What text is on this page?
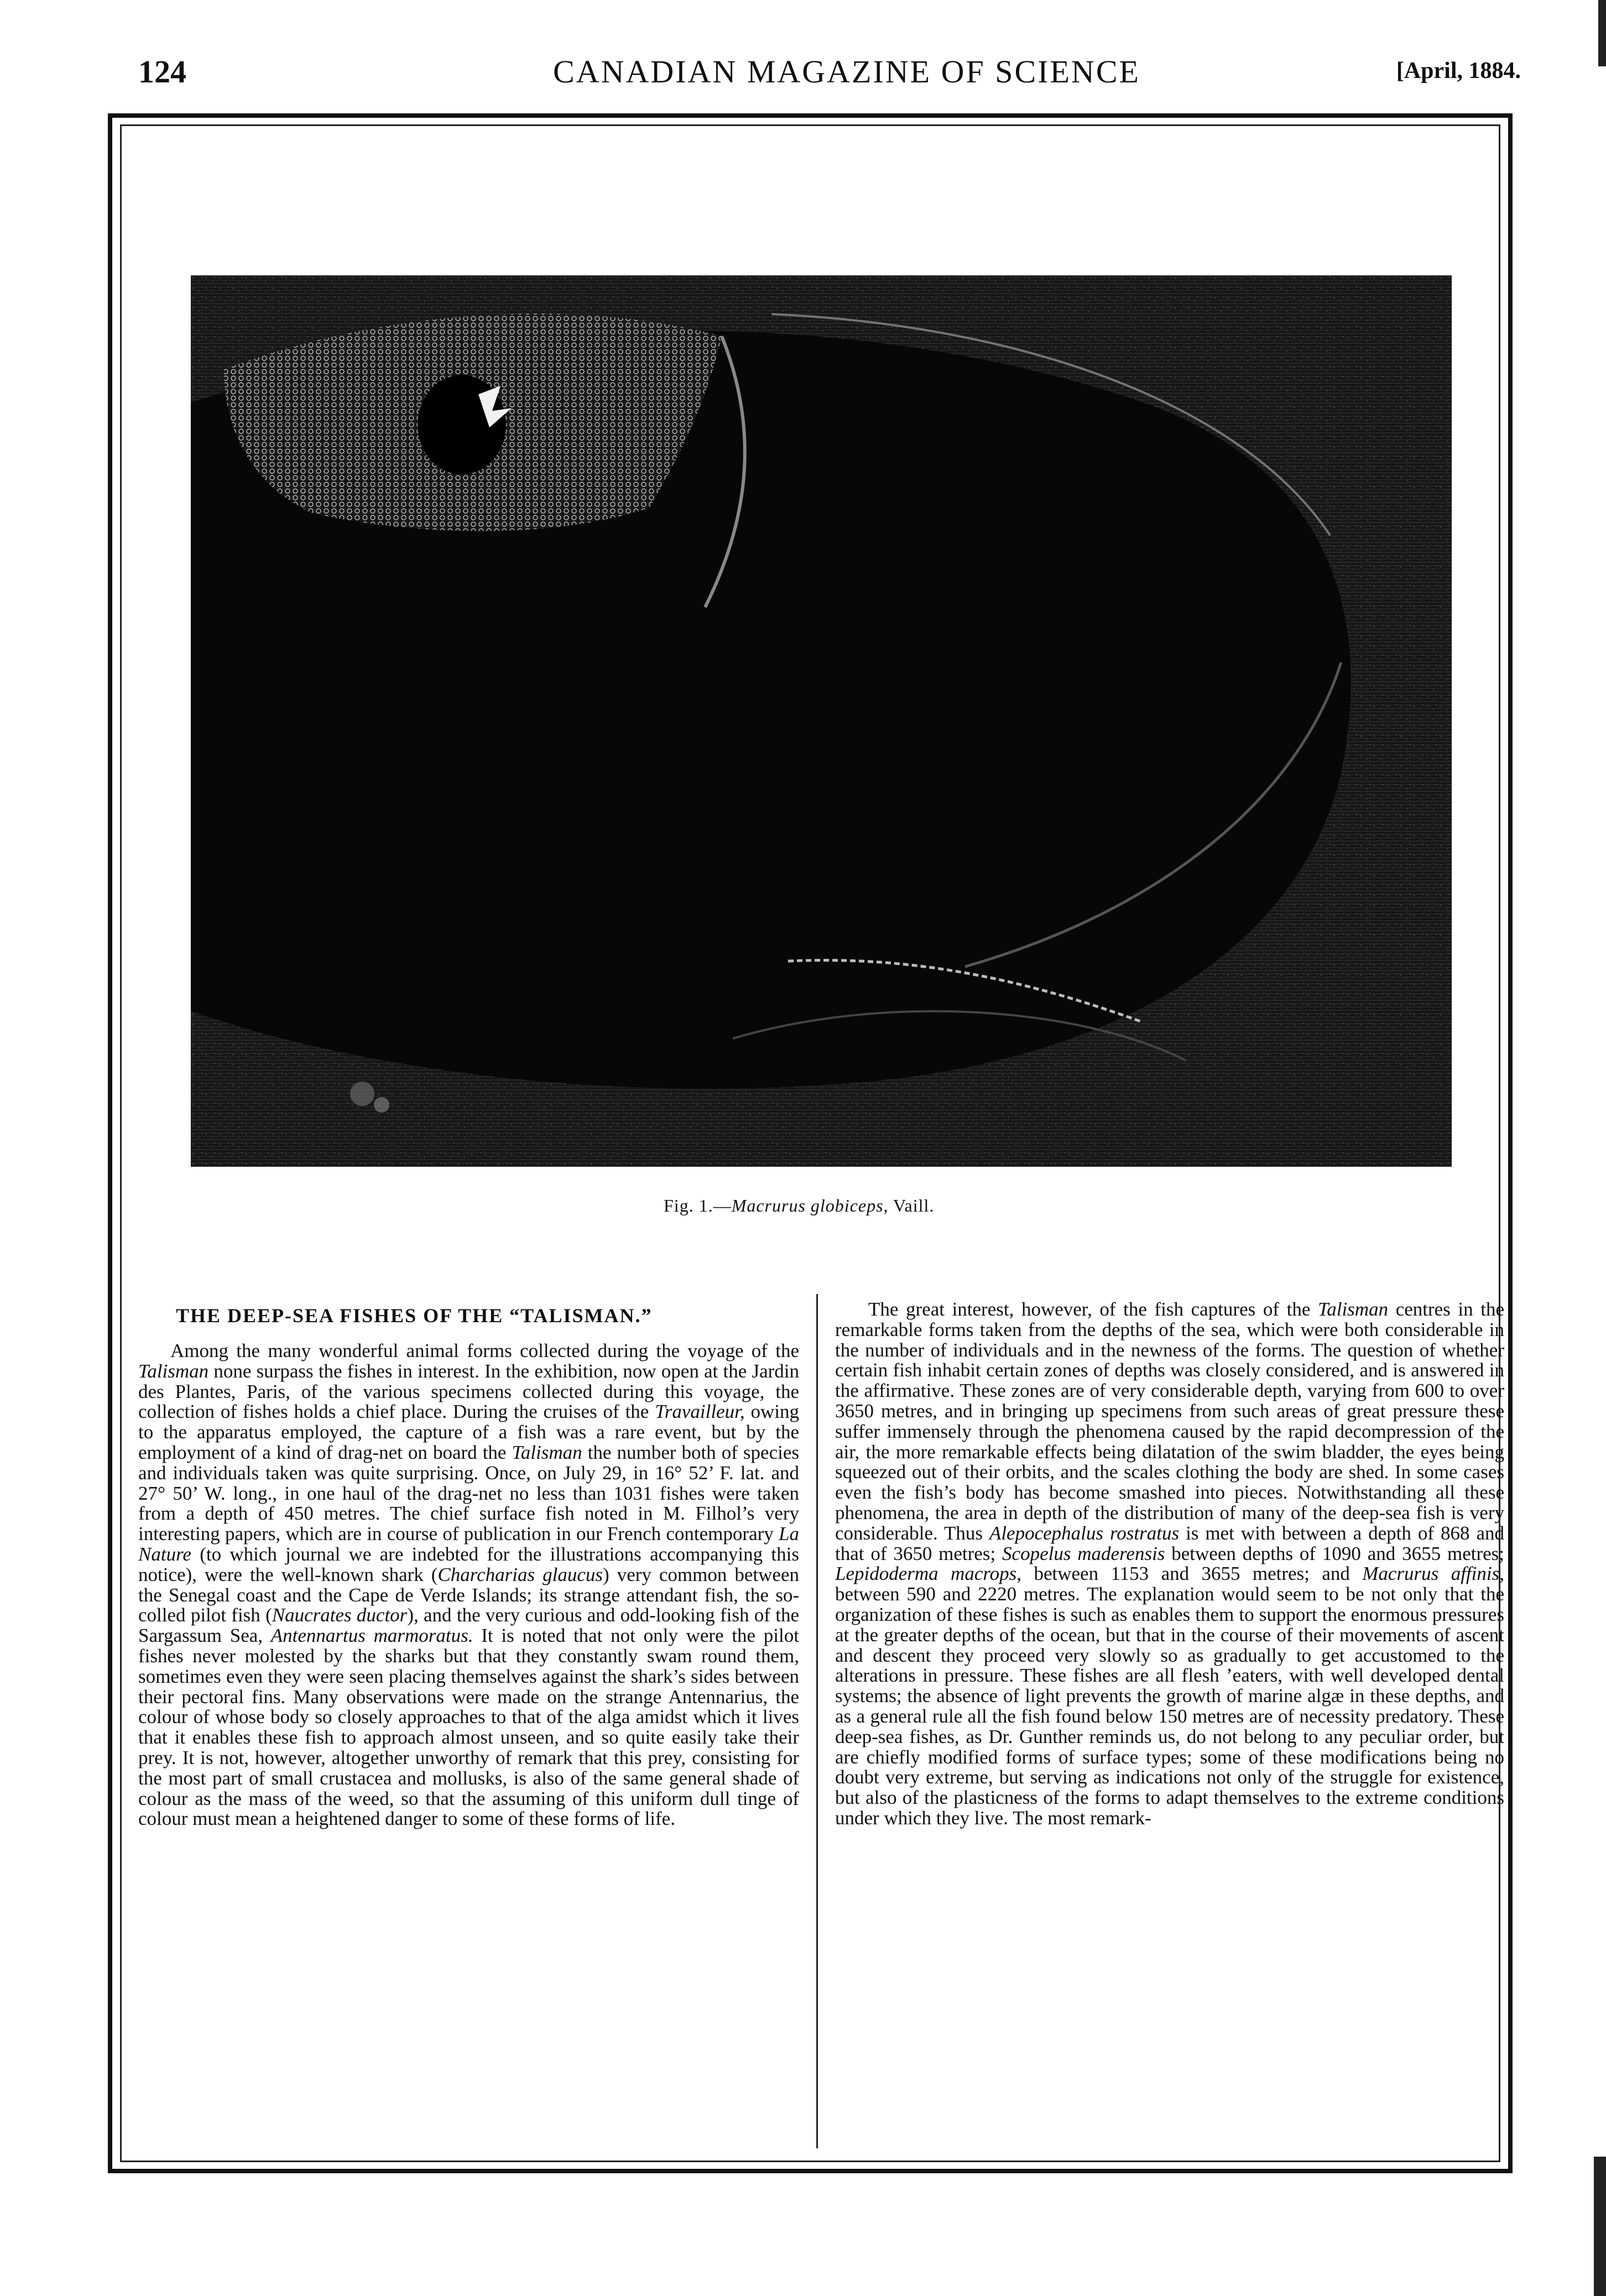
124	CANADIAN MAGAZINE OF SCIENCE	[April, 1884.
Fig. 1.—Macrurus globiceps, Vaill.
THE DEEP-SEA FISHES OF THE “TALISMAN.”
Among the many wonderful animal forms collected during the voyage of the Talisman none surpass the fishes in interest. In the exhibition, now open at the Jardin des Plantes, Paris, of the various specimens collected during this voyage, the collection of fishes holds a chief place. During the cruises of the Travailleur, owing to the apparatus employed, the capture of a fish was a rare event, but by the employment of a kind of drag-net on board the Talisman the number both of species and individuals taken was quite surprising. Once, on July 29, in 16° 52’ F. lat. and 27° 50’ W. long., in one haul of the drag-net no less than 1031 fishes were taken from a depth of 450 metres. The chief surface fish noted in M. Filhol’s very interesting papers, which are in course of publication in our French contemporary La Nature (to which journal we are indebted for the illustrations accompanying this notice), were the well-known shark (Charcharias glaucus) very common between the Senegal coast and the Cape de Verde Islands; its strange attendant fish, the so-colled pilot fish (Naucrates ductor), and the very curious and odd-looking fish of the Sargassum Sea, Antennartus marmoratus. It is noted that not only were the pilot fishes never molested by the sharks but that they constantly swam round them, sometimes even they were seen placing themselves against the shark’s sides between their pectoral fins. Many observations were made on the strange Antennarius, the colour of whose body so closely approaches to that of the alga amidst which it lives that it enables these fish to approach almost unseen, and so quite easily take their prey. It is not, however, altogether unworthy of remark that this prey, consisting for the most part of small crustacea and mollusks, is also of the same general shade of colour as the mass of the weed, so that the assuming of this uniform dull tinge of colour must mean a heightened danger to some of these forms of life.
The great interest, however, of the fish captures of the Talisman centres in the remarkable forms taken from the depths of the sea, which were both considerable in the number of individuals and in the newness of the forms. The question of whether certain fish inhabit certain zones of depths was closely considered, and is answered in the affirmative. These zones are of very considerable depth, varying from 600 to over 3650 metres, and in bringing up specimens from such areas of great pressure these suffer immensely through the phenomena caused by the rapid decompression of the air, the more remarkable effects being dilatation of the swim bladder, the eyes being squeezed out of their orbits, and the scales clothing the body are shed. In some cases even the fish’s body has become smashed into pieces. Notwithstanding all these phenomena, the area in depth of the distribution of many of the deep-sea fish is very considerable. Thus Alepocephalus rostratus is met with between a depth of 868 and that of 3650 metres; Scopelus maderensis between depths of 1090 and 3655 metres; Lepidoderma macrops, between 1153 and 3655 metres; and Macrurus affinis, between 590 and 2220 metres. The explanation would seem to be not only that the organization of these fishes is such as enables them to support the enormous pressures at the greater depths of the ocean, but that in the course of their movements of ascent and descent they proceed very slowly so as gradually to get accustomed to the alterations in pressure. These fishes are all flesh ’eaters, with well developed dental systems; the absence of light prevents the growth of marine algæ in these depths, and as a general rule all the fish found below 150 metres are of necessity predatory. These deep-sea fishes, as Dr. Gunther reminds us, do not belong to any peculiar order, but are chiefly modified forms of surface types; some of these modifications being no doubt very extreme, but serving as indications not only of the struggle for existence, but also of the plasticness of the forms to adapt themselves to the extreme conditions under which they live. The most remark-
